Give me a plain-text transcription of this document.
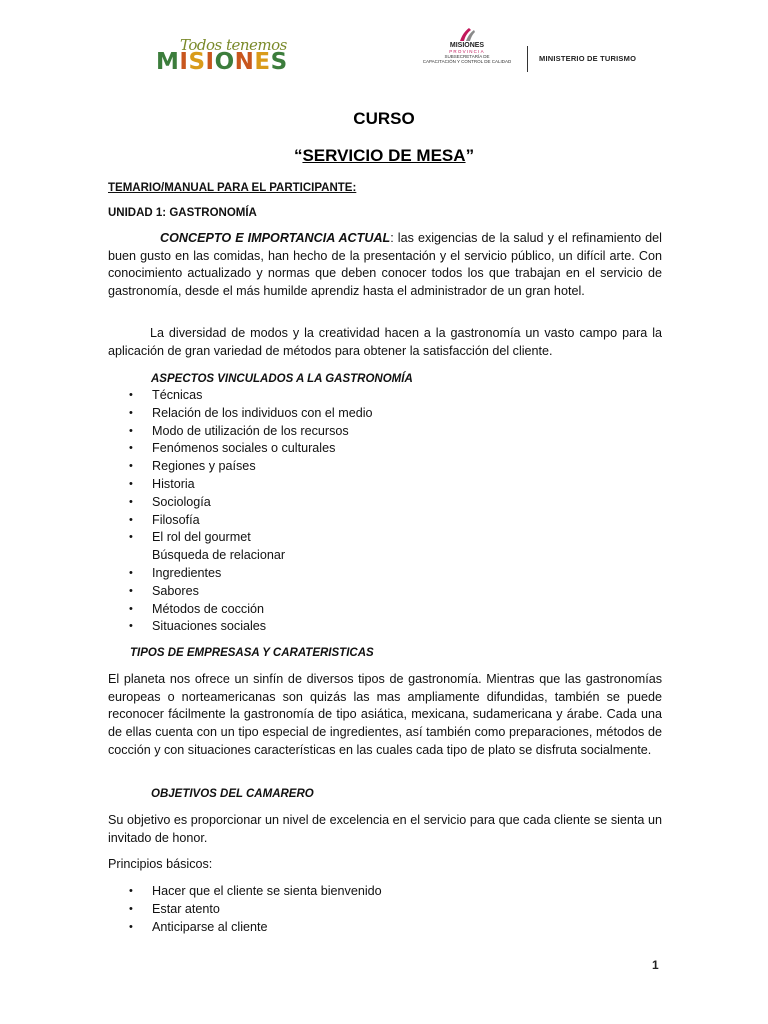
Todos tenemos
MISIONES
MISIONES
PROVINCIA
SUBSECRETARÍA DE
CAPACITACIÓN Y CONTROL DE CALIDAD	MINISTERIO DE TURISMO
CURSO
“SERVICIO DE MESA”
TEMARIO/MANUAL PARA EL PARTICIPANTE:
UNIDAD 1: GASTRONOMÍA
CONCEPTO E IMPORTANCIA ACTUAL: las exigencias de la salud y el refinamiento del buen gusto en las comidas, han hecho de la presentación y el servicio público, un difícil arte. Con conocimiento actualizado y normas que deben conocer todos los que trabajan en el servicio de gastronomía, desde el más humilde aprendiz hasta el administrador de un gran hotel.
La diversidad de modos y la creatividad hacen a la gastronomía un vasto campo para la aplicación de gran variedad de métodos para obtener la satisfacción del cliente.
ASPECTOS VINCULADOS A LA GASTRONOMÍA
• Técnicas
• Relación de los individuos con el medio
• Modo de utilización de los recursos
• Fenómenos sociales o culturales
• Regiones y países
• Historia
• Sociología
• Filosofía
• El rol del gourmet
Búsqueda de relacionar
• Ingredientes
• Sabores
• Métodos de cocción
• Situaciones sociales
TIPOS DE EMPRESASA Y CARATERISTICAS
El planeta nos ofrece un sinfín de diversos tipos de gastronomía. Mientras que las gastronomías europeas o norteamericanas son quizás las mas ampliamente difundidas, también se puede reconocer fácilmente la gastronomía de tipo asiática, mexicana, sudamericana y árabe. Cada una de ellas cuenta con un tipo especial de ingredientes, así también como preparaciones, métodos de cocción y con situaciones características en las cuales cada tipo de plato se disfruta socialmente.
OBJETIVOS DEL CAMARERO
Su objetivo es proporcionar un nivel de excelencia en el servicio para que cada cliente se sienta un invitado de honor.
Principios básicos:
• Hacer que el cliente se sienta bienvenido
• Estar atento
• Anticiparse al cliente
1
